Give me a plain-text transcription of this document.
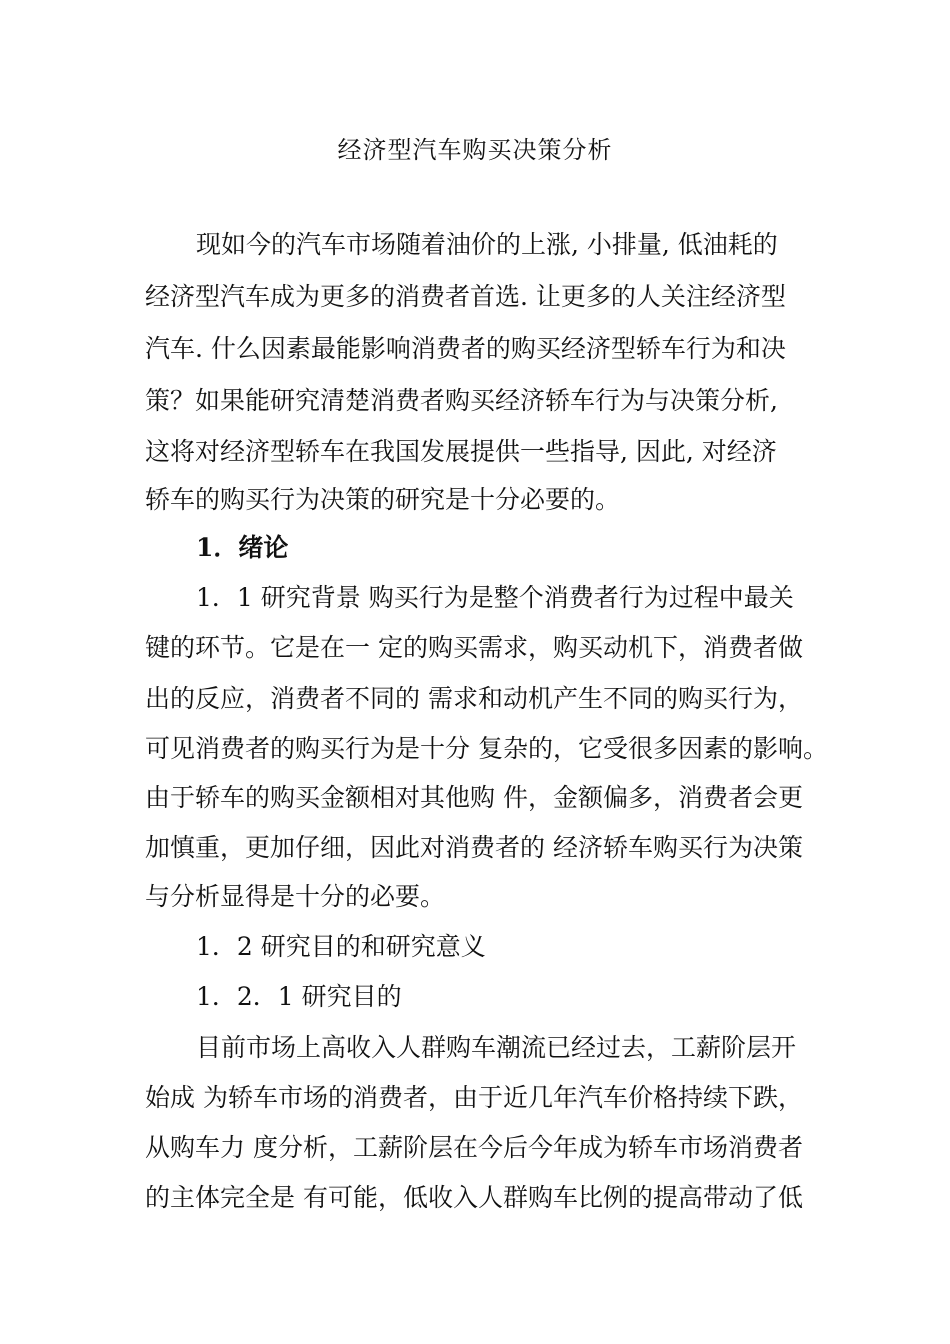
经济型汽车购买决策分析
现如今的汽车市场随着油价的上涨, 小排量, 低油耗的
经济型汽车成为更多的消费者首选. 让更多的人关注经济型
汽车. 什么因素最能影响消费者的购买经济型轿车行为和决
策？如果能研究清楚消费者购买经济轿车行为与决策分析,
这将对经济型轿车在我国发展提供一些指导, 因此, 对经济
轿车的购买行为决策的研究是十分必要的。
1．绪论
1．1 研究背景 购买行为是整个消费者行为过程中最关
键的环节。它是在一 定的购买需求，购买动机下，消费者做
出的反应，消费者不同的 需求和动机产生不同的购买行为，
可见消费者的购买行为是十分 复杂的，它受很多因素的影响。
由于轿车的购买金额相对其他购 件，金额偏多，消费者会更
加慎重，更加仔细，因此对消费者的 经济轿车购买行为决策
与分析显得是十分的必要。
1．2 研究目的和研究意义
1．2．1 研究目的
目前市场上高收入人群购车潮流已经过去，工薪阶层开
始成 为轿车市场的消费者，由于近几年汽车价格持续下跌，
从购车力 度分析，工薪阶层在今后今年成为轿车市场消费者
的主体完全是 有可能，低收入人群购车比例的提高带动了低
